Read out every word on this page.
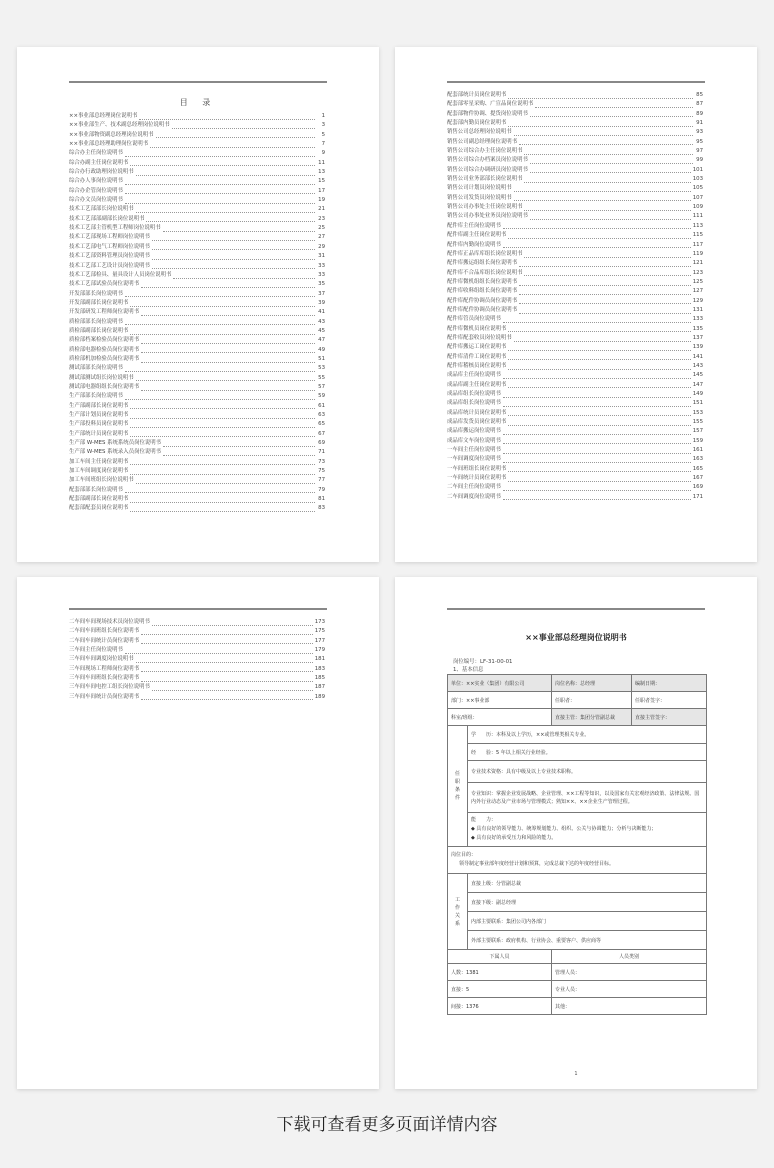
目 录
××事业部总经理岗位说明书	1
××事业部生产、技术副总经理岗位说明书	3
××事业部物资副总经理岗位说明书	5
××事业部总经理助理岗位说明书	7
综合办主任岗位说明书	9
综合办副主任岗位说明书	11
综合办行政助理岗位说明书	13
综合办人事岗位说明书	15
综合办企管岗位说明书	17
综合办文员岗位说明书	19
技术工艺部部长岗位说明书	21
技术工艺部部副部长岗位说明书	23
技术工艺部主管机型工程师岗位说明书	25
技术工艺部现场工程师岗位说明书	27
技术工艺部电气工程师岗位说明书	29
技术工艺部资料管理员岗位说明书	31
技术工艺部工艺设计员岗位说明书	33
技术工艺部检具、量具设计人员岗位说明书	33
技术工艺部试验员岗位说明书	35
开发部部长岗位说明书	37
开发部副部长岗位说明书	39
开发部研发工程师岗位说明书	41
质检部部长岗位说明书	43
质检部副部长岗位说明书	45
质检部档案检验员岗位说明书	47
质检部电器检验员岗位说明书	49
质检部机加检验员岗位说明书	51
测试部部长岗位说明书	53
测试部测试组长岗位说明书	55
测试部电器组组长岗位说明书	57
生产部部长岗位说明书	59
生产部副部长岗位说明书	61
生产部计划员岗位说明书	63
生产部投料员岗位说明书	65
生产部统计员岗位说明书	67
生产部 W-MES 系统系统员岗位说明书	69
生产部 W-MES 系统录入员岗位说明书	71
加工车间主任岗位说明书	73
加工车间调度岗位说明书	75
加工车间班组长岗位说明书	77
配套部部长岗位说明书	79
配套部副部长岗位说明书	81
配套部配套员岗位说明书	83
配套部统计员岗位说明书	85
配套部零星采购、广宣品岗位说明书	87
配套部物件协调、提货岗位说明书	89
配套部内勤员岗位说明书	91
销售公司总经理岗位说明书	93
销售公司副总经理岗位说明书	95
销售公司综合办主任岗位说明书	97
销售公司综合办档案员岗位说明书	99
销售公司综合办调研员岗位说明书	101
销售公司业务部部长岗位说明书	103
销售公司计划员岗位说明书	105
销售公司发货员岗位说明书	107
销售公司办事处主任岗位说明书	109
销售公司办事处业务员岗位说明书	111
配件库主任岗位说明书	113
配件库副主任岗位说明书	115
配件库内勤岗位说明书	117
配件库正品库库组长岗位说明书	119
配件库搬运组组长岗位说明书	121
配件库不合品库组长岗位说明书	123
配件库微机组组长岗位说明书	125
配件库收料组组长岗位说明书	127
配件库配件协调员岗位说明书	129
配件库配件协调员岗位说明书	131
配件库管员岗位说明书	133
配件库微机员岗位说明书	135
配件库配套收员岗位说明书	137
配件库搬运工岗位说明书	139
配件库清件工岗位说明书	141
配件库稽核员岗位说明书	143
成品库主任岗位说明书	145
成品库副主任岗位说明书	147
成品库组长岗位说明书	149
成品库组长岗位说明书	151
成品库统计员岗位说明书	153
成品库发货员岗位说明书	155
成品库搬运岗位说明书	157
成品库文车岗位说明书	159
一车间主任岗位说明书	161
一车间调度岗位说明书	163
一车间班组长岗位说明书	165
一车间统计员岗位说明书	167
二车间主任岗位说明书	169
二车间调度岗位说明书	171
二车间车间现场技术员岗位说明书	173
二车间车间班组长岗位说明书	175
二车间车间统计员岗位说明书	177
三车间主任岗位说明书	179
三车间车间调度岗位说明书	181
三车间现场工程师岗位说明书	183
三车间车间班组长岗位说明书	185
三车间车间电控工组长岗位说明书	187
三车间车间统计员岗位说明书	189
××事业部总经理岗位说明书
岗位编号：LF-31-00-01
1、基本信息
单位：××实业（集团）有限公司		岗位名称：总经理	编制日期：
部门：××事业部		任职者：	任职者签字：
科室/班组：		直接主管：集团分管副总裁	直接主管签字：

任
职
条
件	学　　历：本科及以上学历，××或管理类相关专业。		
	经　　验：5 年以上相关行业经验。		
	专业技术资格：具有中级及以上专业技术职称。		
	专业知识：掌握企业发展战略、企业管理、××工程等知识，以及国家有关宏观经济政策、法律法规、国内外行业动态及产业市场与管理模式；熟知××、××企业生产管理过程。		

	能　　力：
◆ 具有良好的领导能力、统筹规划能力、组织、公关与协调能力；分析与决断能力；
◆ 具有良好的承受压力和风险的能力。		

岗位目的：
领导制定事业部年度经营计划和预算，完成总裁下达的年度经营目标。			

工
作
关
系	直接上级：分管副总裁		
	直接下级：副总经理		
	内部主要联系：集团公司内各部门		
	外部主要联系：政府机构、行业协会、重要客户、供应商等		
下属人员		人员类别	
人数：1381		管理人员：	
直接：5		专业人员：	
间接：1376		其他：	
1
下载可查看更多页面详情内容
